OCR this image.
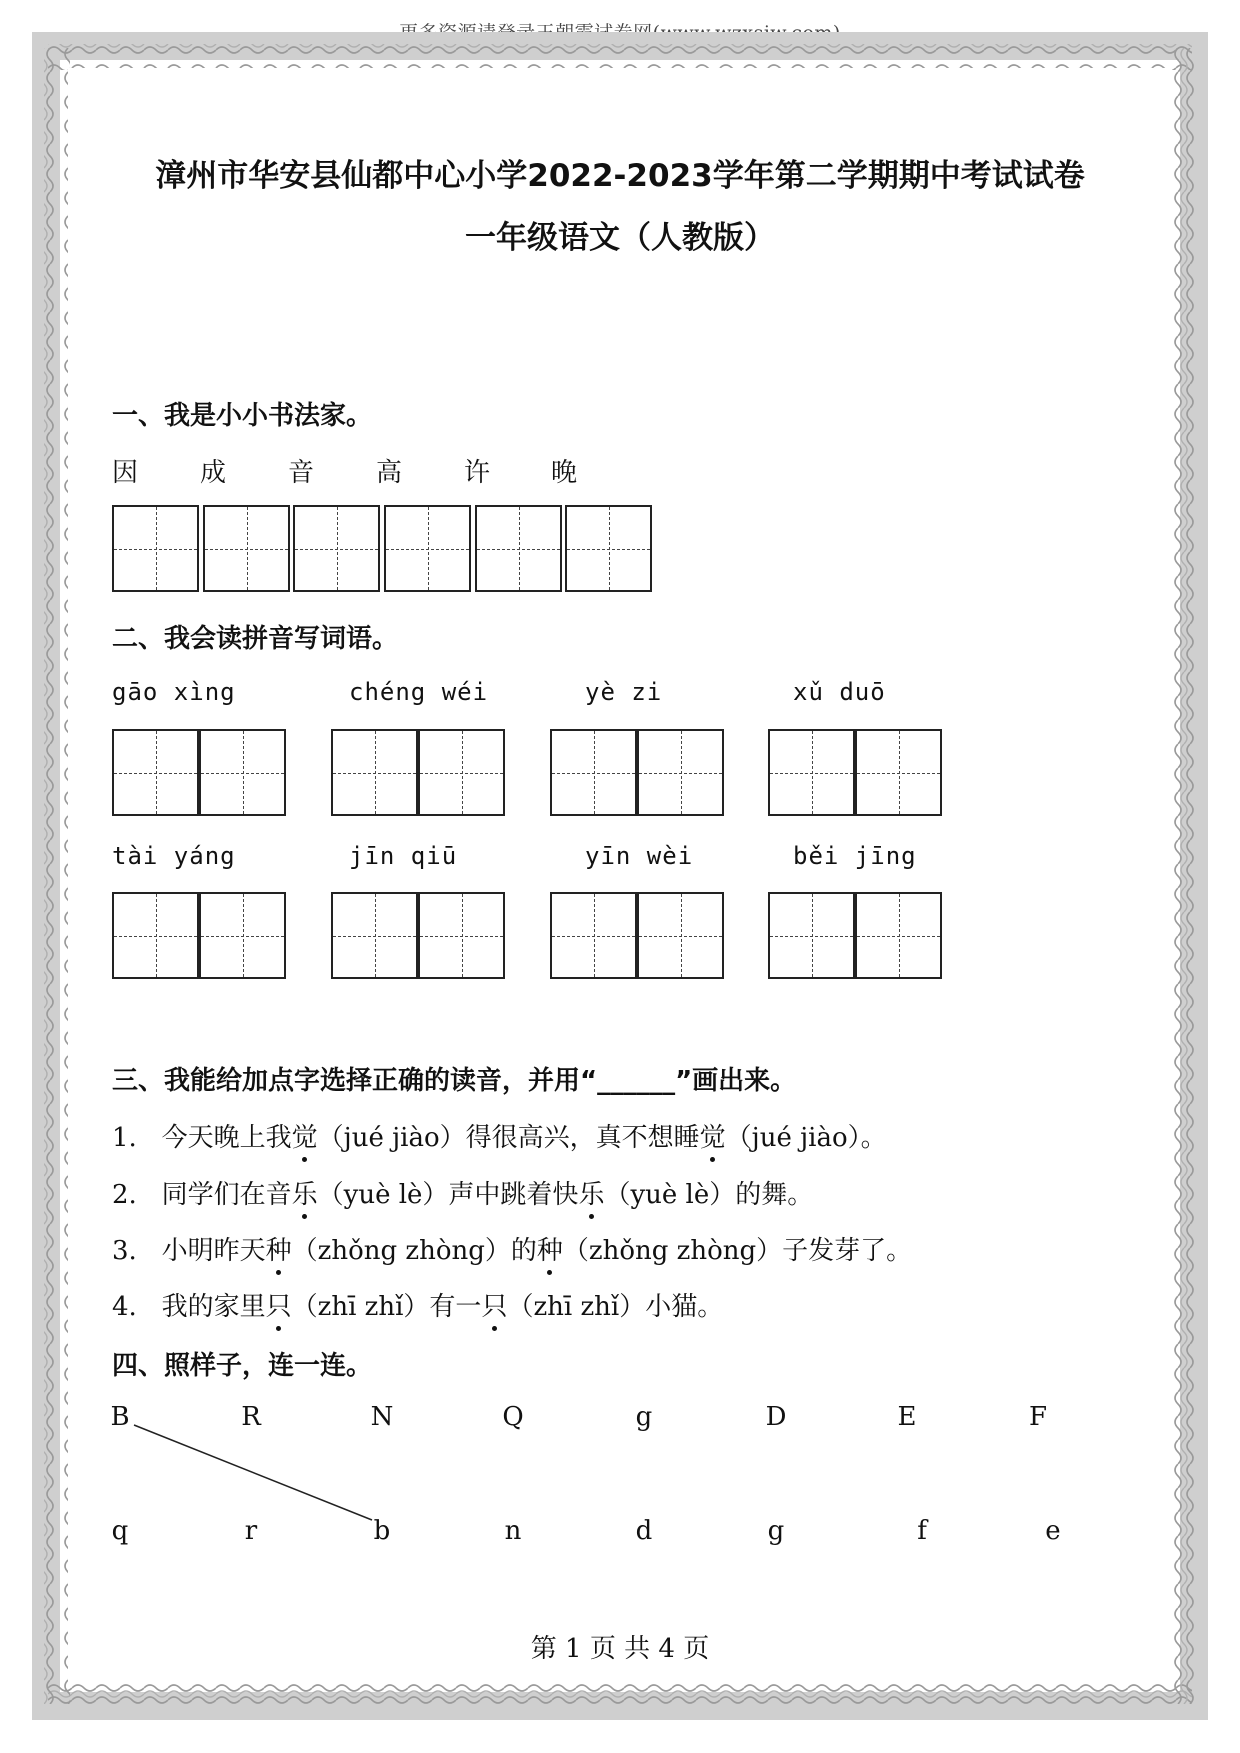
更多资源请登录王朝霞试卷网(www.wzxsjw.com)
漳州市华安县仙都中心小学2022-2023学年第二学期期中考试试卷
一年级语文（人教版）
一、我是小小书法家。
因 成 音 高 许 晚
二、我会读拼音写词语。
gāo xìng	chéng wéi	yè zi	xǔ duō
tài yáng	jīn qiū	yīn wèi	běi jīng
三、我能给加点字选择正确的读音，并用“______”画出来。
1. 今天晚上我觉（jué jiào）得很高兴，真不想睡觉（jué jiào）。
2. 同学们在音乐（yuè lè）声中跳着快乐（yuè lè）的舞。
3. 小明昨天种（zhǒng zhòng）的种（zhǒng zhòng）子发芽了。
4. 我的家里只（zhī zhǐ）有一只（zhī zhǐ）小猫。
四、照样子，连一连。
B	R	N	Q	g	D	E	F
q	r	b	n	d	g	f	e
第 1 页 共 4 页
